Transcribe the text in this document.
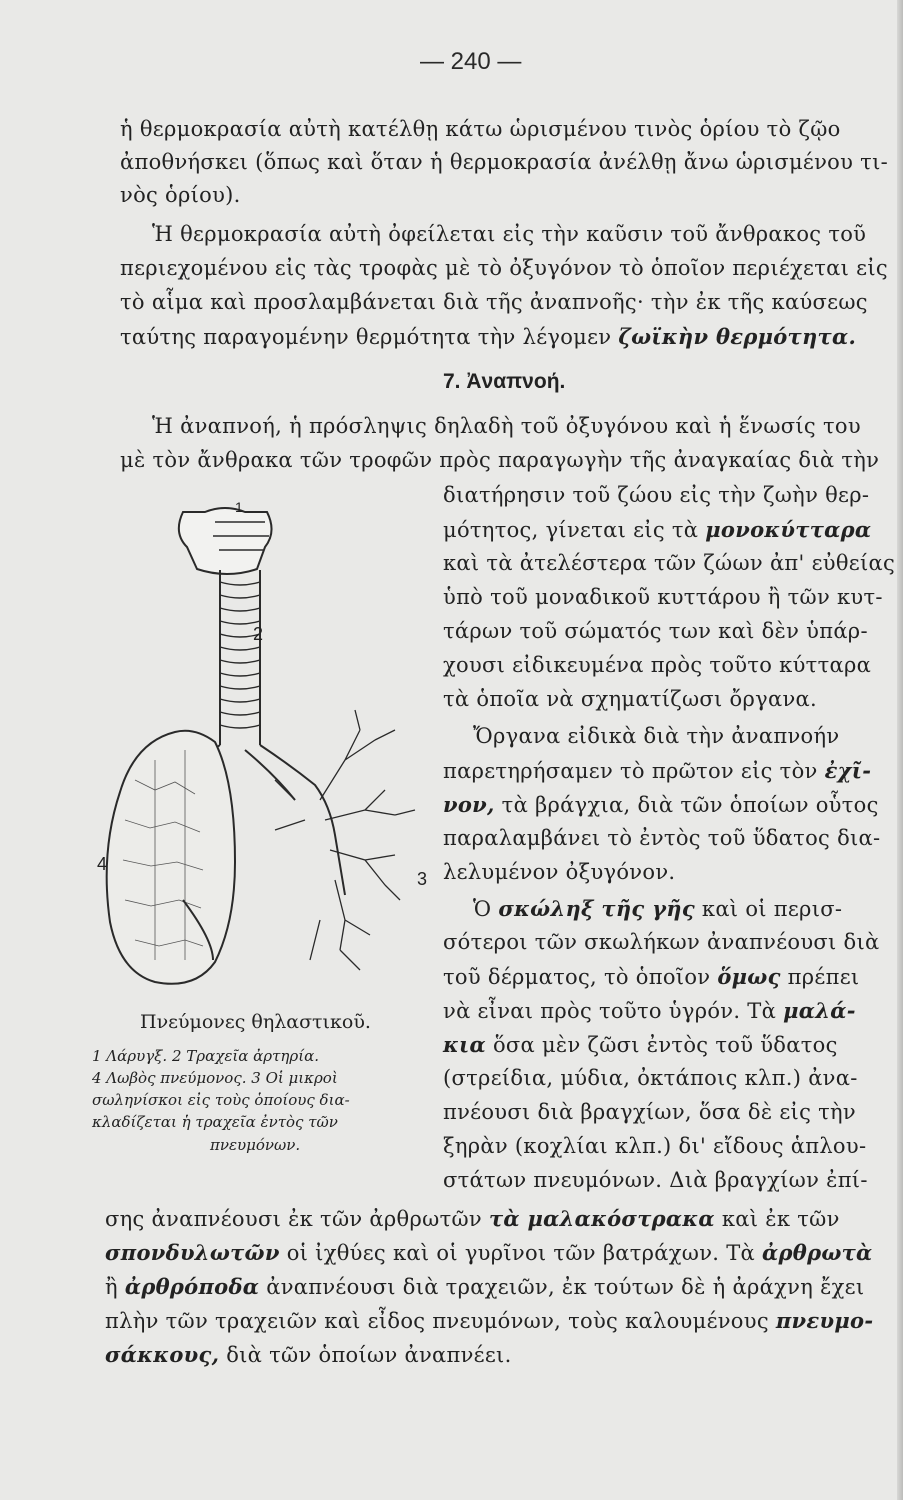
— 240 —
ἡ θερμοκρασία αὐτὴ κατέλθῃ κάτω ὡρισμένου τινὸς ὁρίου τὸ ζῷο
ἀποθνήσκει (ὅπως καὶ ὅταν ἡ θερμοκρασία ἀνέλθῃ ἄνω ὡρισμένου τι-
νὸς ὁρίου).
Ἡ θερμοκρασία αὐτὴ ὀφείλεται εἰς τὴν καῦσιν τοῦ ἄνθρακος τοῦ
περιεχομένου εἰς τὰς τροφὰς μὲ τὸ ὀξυγόνον τὸ ὁποῖον περιέχεται εἰς
τὸ αἷμα καὶ προσλαμβάνεται διὰ τῆς ἀναπνοῆς· τὴν ἐκ τῆς καύσεως
ταύτης παραγομένην θερμότητα τὴν λέγομεν ζωϊκὴν θερμότητα.
7. Ἀναπνοή.
Ἡ ἀναπνοή, ἡ πρόσληψις δηλαδὴ τοῦ ὀξυγόνου καὶ ἡ ἕνωσίς του
μὲ τὸν ἄνθρακα τῶν τροφῶν πρὸς παραγωγὴν τῆς ἀναγκαίας διὰ τὴν
2
4
3
1
Πνεύμονες θηλαστικοῦ.
1 Λάρυγξ. 2 Τραχεῖα ἀρτηρία.
4 Λωβὸς πνεύμονος. 3 Οἱ μικροὶ
σωληνίσκοι εἰς τοὺς ὁποίους δια-
κλαδίζεται ἡ τραχεῖα ἐντὸς τῶν
πνευμόνων.
διατήρησιν τοῦ ζώου εἰς τὴν ζωὴν θερ-
μότητος, γίνεται εἰς τὰ μονοκύτταρα
καὶ τὰ ἀτελέστερα τῶν ζώων ἀπ' εὐθείας
ὑπὸ τοῦ μοναδικοῦ κυττάρου ἢ τῶν κυτ-
τάρων τοῦ σώματός των καὶ δὲν ὑπάρ-
χουσι εἰδικευμένα πρὸς τοῦτο κύτταρα
τὰ ὁποῖα νὰ σχηματίζωσι ὄργανα.
Ὄργανα εἰδικὰ διὰ τὴν ἀναπνοήν
παρετηρήσαμεν τὸ πρῶτον εἰς τὸν ἐχῖ-
νον, τὰ βράγχια, διὰ τῶν ὁποίων οὗτος
παραλαμβάνει τὸ ἐντὸς τοῦ ὕδατος δια-
λελυμένον ὀξυγόνον.
Ὁ σκώληξ τῆς γῆς καὶ οἱ περισ-
σότεροι τῶν σκωλήκων ἀναπνέουσι διὰ
τοῦ δέρματος, τὸ ὁποῖον ὅμως πρέπει
νὰ εἶναι πρὸς τοῦτο ὑγρόν. Τὰ μαλά-
κια ὅσα μὲν ζῶσι ἐντὸς τοῦ ὕδατος
(στρείδια, μύδια, ὀκτάποις κλπ.) ἀνα-
πνέουσι διὰ βραγχίων, ὅσα δὲ εἰς τὴν
ξηρὰν (κοχλίαι κλπ.) δι' εἴδους ἁπλου-
στάτων πνευμόνων. Διὰ βραγχίων ἐπί-
σης ἀναπνέουσι ἐκ τῶν ἀρθρωτῶν τὰ μαλακόστρακα καὶ ἐκ τῶν
σπονδυλωτῶν οἱ ἰχθύες καὶ οἱ γυρῖνοι τῶν βατράχων. Τὰ ἀρθρωτὰ
ἢ ἀρθρόποδα ἀναπνέουσι διὰ τραχειῶν, ἐκ τούτων δὲ ἡ ἀράχνη ἔχει
πλὴν τῶν τραχειῶν καὶ εἶδος πνευμόνων, τοὺς καλουμένους πνευμο-
σάκκους, διὰ τῶν ὁποίων ἀναπνέει.
